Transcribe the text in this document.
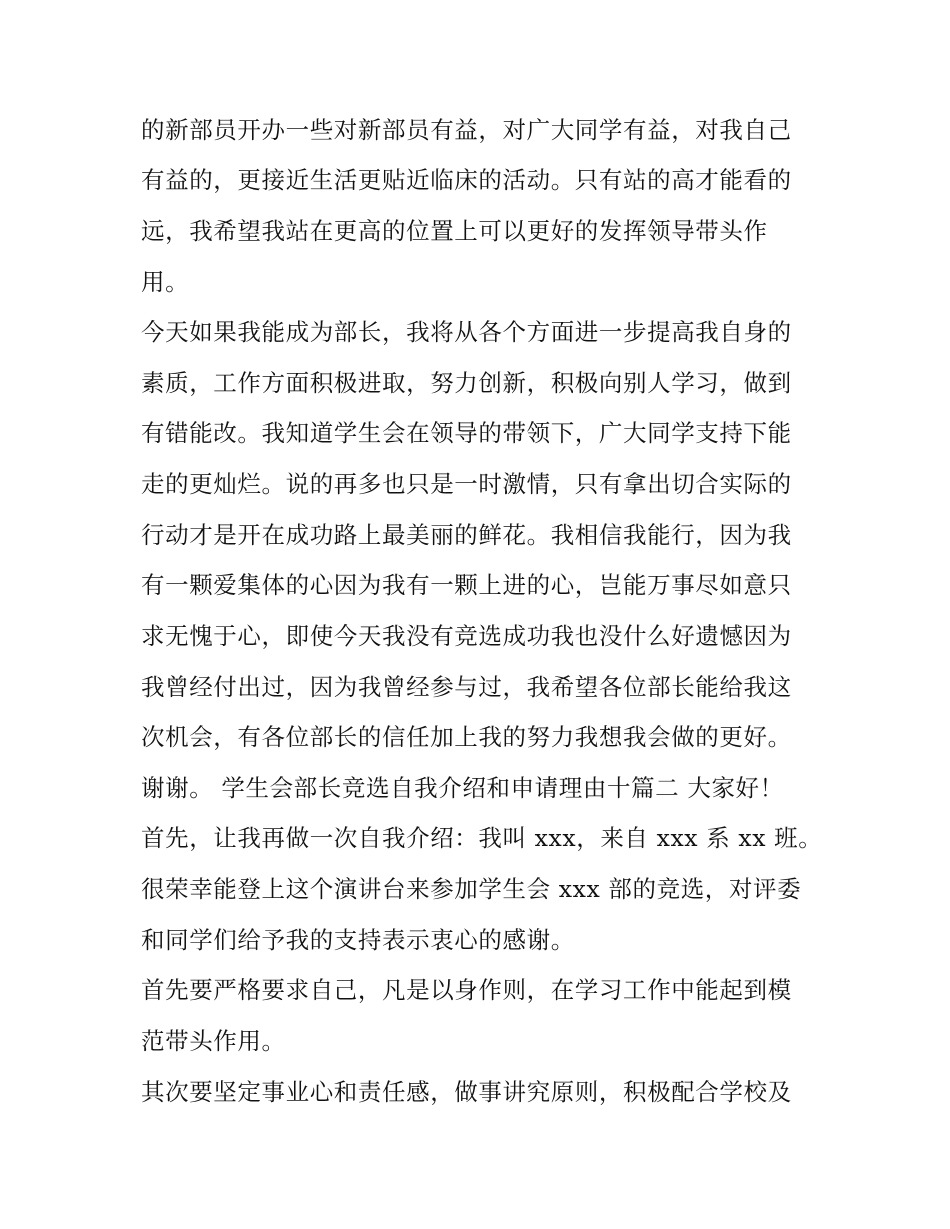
的新部员开办一些对新部员有益，对广大同学有益，对我自己
有益的，更接近生活更贴近临床的活动。只有站的高才能看的
远，我希望我站在更高的位置上可以更好的发挥领导带头作
用。
今天如果我能成为部长，我将从各个方面进一步提高我自身的
素质，工作方面积极进取，努力创新，积极向别人学习，做到
有错能改。我知道学生会在领导的带领下，广大同学支持下能
走的更灿烂。说的再多也只是一时激情，只有拿出切合实际的
行动才是开在成功路上最美丽的鲜花。我相信我能行，因为我
有一颗爱集体的心因为我有一颗上进的心，岂能万事尽如意只
求无愧于心，即使今天我没有竞选成功我也没什么好遗憾因为
我曾经付出过，因为我曾经参与过，我希望各位部长能给我这
次机会，有各位部长的信任加上我的努力我想我会做的更好。
谢谢。 学生会部长竞选自我介绍和申请理由十篇二 大家好！
首先，让我再做一次自我介绍：我叫 xxx，来自 xxx 系 xx 班。
很荣幸能登上这个演讲台来参加学生会 xxx 部的竞选，对评委
和同学们给予我的支持表示衷心的感谢。
首先要严格要求自己，凡是以身作则，在学习工作中能起到模
范带头作用。
其次要坚定事业心和责任感，做事讲究原则，积极配合学校及
